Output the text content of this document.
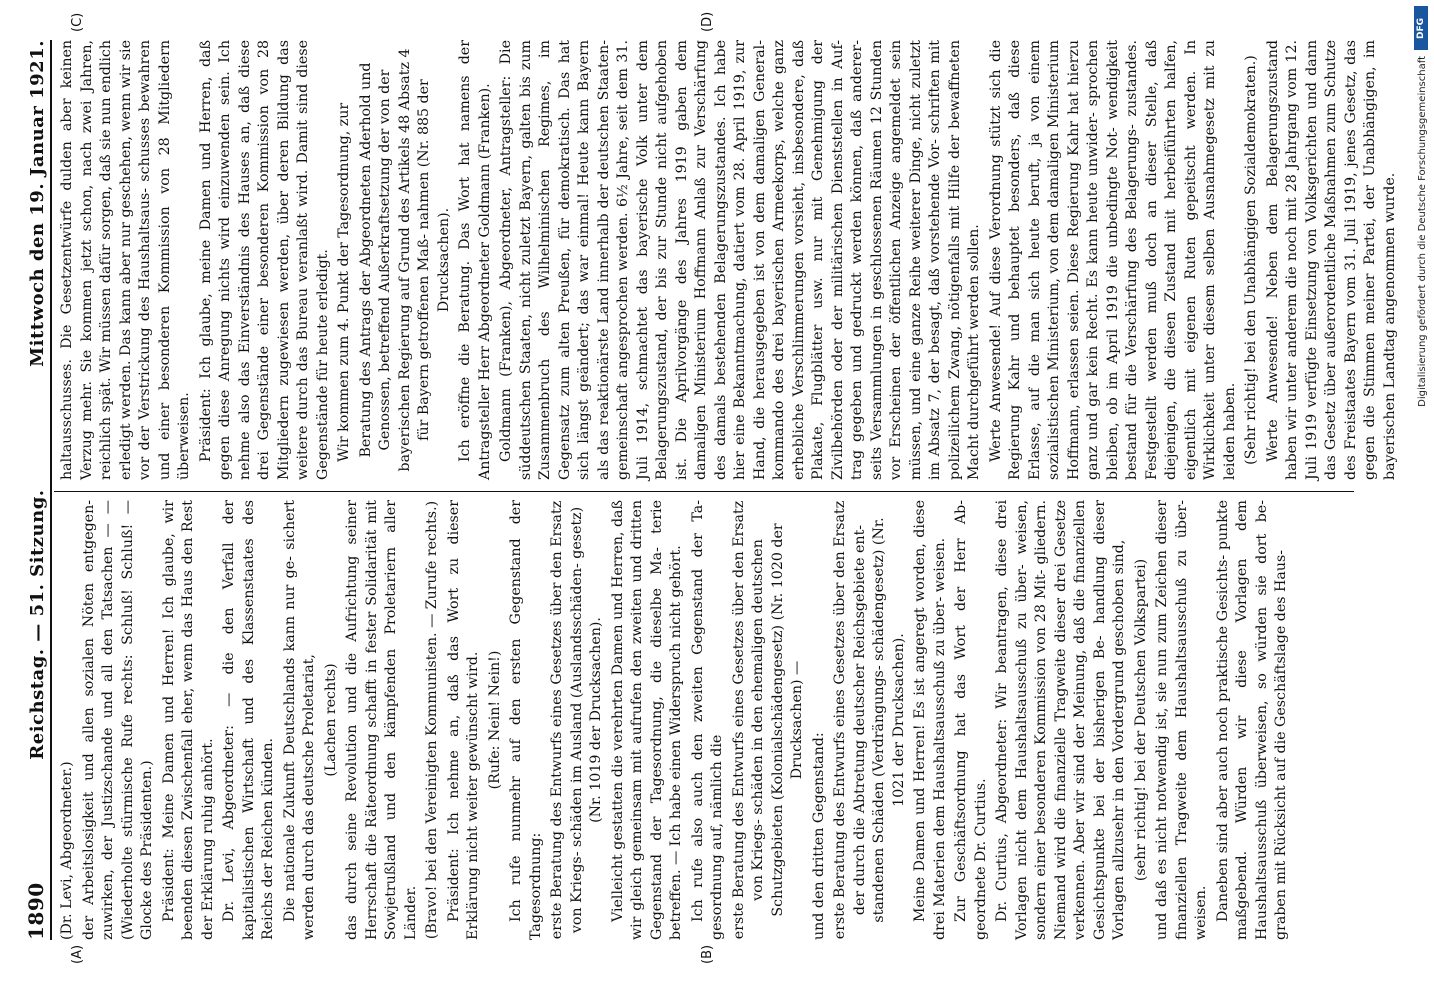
1890
Reichstag. — 51. Sitzung.
Mittwoch den 19. Januar 1921.
(A)	(B)
(C)	(D)

(Dr. Levi, Abgeordneter.) der Arbeitslosigkeit und allen sozialen Nöten entgegen- zuwirken, der Justizschande und all den Tatsachen — — (Wiederholte stürmische Rufe rechts: Schluß! Schluß! — Glocke des Präsidenten.) Präsident: Meine Damen und Herren! Ich glaube, wir beenden diesen Zwischenfall eher, wenn das Haus den Rest der Erklärung ruhig anhört. Dr. Levi, Abgeordneter: — die den Verfall der kapitalistischen Wirtschaft und des Klassenstaates des Reichs der Reichen künden. Die nationale Zukunft Deutschlands kann nur ge- sichert werden durch das deutsche Proletariat, (Lachen rechts) das durch seine Revolution und die Aufrichtung seiner Herrschaft die Räteordnung schafft in fester Solidarität mit Sowjetrußland und den kämpfenden Proletariern aller Länder. (Bravo! bei den Vereinigten Kommunisten. — Zurufe rechts.) Präsident: Ich nehme an, daß das Wort zu dieser Erklärung nicht weiter gewünscht wird. (Rufe: Nein! Nein!) Ich rufe nunmehr auf den ersten Gegenstand der Tagesordnung: erste Beratung des Entwurfs eines Gesetzes über den Ersatz von Kriegs- schäden im Ausland (Auslandsschäden- gesetz) (Nr. 1019 der Drucksachen). Vielleicht gestatten die verehrten Damen und Herren, daß wir gleich gemeinsam mit aufrufen den zweiten und dritten Gegenstand der Tagesordnung, die dieselbe Ma- terie betreffen. — Ich habe einen Widerspruch nicht gehört. Ich rufe also auch den zweiten Gegenstand der Ta- gesordnung auf, nämlich die erste Beratung des Entwurfs eines Gesetzes über den Ersatz von Kriegs- schäden in den ehemaligen deutschen Schutzgebieten (Kolonialschädengesetz) (Nr. 1020 der Drucksachen) —

und den dritten Gegenstand: erste Beratung des Entwurfs eines Gesetzes über den Ersatz der durch die Abtretung deutscher Reichsgebiete ent- standenen Schäden (Verdrängungs- schädengesetz) (Nr. 1021 der Drucksachen). Meine Damen und Herren! Es ist angeregt worden, diese drei Materien dem Haushaltsausschuß zu über- weisen. Zur Geschäftsordnung hat das Wort der Herr Ab- geordnete Dr. Curtius. Dr. Curtius, Abgeordneter: Wir beantragen, diese drei Vorlagen nicht dem Haushaltsausschuß zu über- weisen, sondern einer besonderen Kommission von 28 Mit- gliedern. Niemand wird die finanzielle Tragweite dieser drei Gesetze verkennen. Aber wir sind der Meinung, daß die finanziellen Gesichtspunkte bei der bisherigen Be- handlung dieser Vorlagen allzusehr in den Vordergrund geschoben sind, (sehr richtig! bei der Deutschen Volkspartei) und daß es nicht notwendig ist, sie nun zum Zeichen dieser finanziellen Tragweite dem Haushaltsausschuß zu über- weisen. Daneben sind aber auch noch praktische Gesichts- punkte maßgebend. Würden wir diese Vorlagen dem Haushaltsausschuß überweisen, so würden sie dort be- graben mit Rücksicht auf die Geschäftslage des Haus-

haltausschusses. Die Gesetzentwürfe dulden aber keinen Verzug mehr. Sie kommen jetzt schon, nach zwei Jahren, reichlich spät. Wir müssen dafür sorgen, daß sie nun endlich erledigt werden. Das kann aber nur geschehen, wenn wir sie vor der Verstrickung des Haushaltsaus- schusses bewahren und einer besonderen Kommission von 28 Mitgliedern überweisen. Präsident: Ich glaube, meine Damen und Herren, daß gegen diese Anregung nichts wird einzuwenden sein. Ich nehme also das Einverständnis des Hauses an, daß diese drei Gegenstände einer besonderen Kommission von 28 Mitgliedern zugewiesen werden, über deren Bildung das weitere durch das Bureau veranlaßt wird. Damit sind diese Gegenstände für heute erledigt. Wir kommen zum 4. Punkt der Tagesordnung, zur Beratung des Antrags der Abgeordneten Aderhold und Genossen, betreffend Außerkraftsetzung der von der bayerischen Regierung auf Grund des Artikels 48 Absatz 4 für Bayern getroffenen Maß- nahmen (Nr. 885 der Drucksachen). Ich eröffne die Beratung. Das Wort hat namens der Antragsteller Herr Abgeordneter Goldmann (Franken). Goldmann (Franken), Abgeordneter, Antragsteller: Die süddeutschen Staaten, nicht zuletzt Bayern, galten bis zum Zusammenbruch des Wilhelminischen Regimes, im Gegensatz zum alten Preußen, für demokratisch. Das hat sich längst geändert; das war einmal! Heute kann Bayern als das reaktionärste Land innerhalb der deutschen Staaten- gemeinschaft angesprochen werden. 6½ Jahre, seit dem 31. Juli 1914, schmachtet das bayerische Volk unter dem Belagerungszustand, der bis zur Stunde nicht aufgehoben ist. Die Aprilvorgänge des Jahres 1919 gaben dem damaligen Ministerium Hoffmann Anlaß zur Verschärfung des damals bestehenden Belagerungszustandes. Ich habe hier eine Bekanntmachung, datiert vom 28. April 1919, zur Hand, die herausgegeben ist von dem damaligen General- kommando des drei bayerischen Armeekorps, welche ganz erhebliche Verschlimmerungen vorsieht, insbesondere, daß Plakate, Flugblätter usw. nur mit Genehmigung der Zivilbehörden oder der militärischen Dienststellen in Auf- trag gegeben und gedruckt werden können, daß anderer- seits Versammlungen in geschlossenen Räumen 12 Stunden vor Erscheinen der öffentlichen Anzeige angemeldet sein müssen, und eine ganze Reihe weiterer Dinge, nicht zuletzt im Absatz 7, der besagt, daß vorstehende Vor- schriften mit polizeilichem Zwang, nötigenfalls mit Hilfe der bewaffneten Macht durchgeführt werden sollen. Werte Anwesende! Auf diese Verordnung stützt sich die Regierung Kahr und behauptet besonders, daß diese Erlasse, auf die man sich heute beruft, ja von einem sozialistischen Ministerium, von dem damaligen Ministerium Hoffmann, erlassen seien. Diese Regierung Kahr hat hierzu ganz und gar kein Recht. Es kann heute unwider- sprochen bleiben, ob im April 1919 die unbedingte Not- wendigkeit bestand für die Verschärfung des Belagerungs- zustandes. Festgestellt werden muß doch an dieser Stelle, daß diejenigen, die diesen Zustand mit herbeiführten halfen, eigentlich mit eigenen Ruten gepeitscht werden. In Wirklichkeit unter diesem selben Ausnahmegesetz mit zu leiden haben. (Sehr richtig! bei den Unabhängigen Sozialdemokraten.) Werte Anwesende! Neben dem Belagerungszustand haben wir unter anderem die noch mit 28 Jahrgang vom 12. Juli 1919 verfügte Einsetzung von Volksgerichten und dann das Gesetz über außerordentliche Maßnahmen zum Schutze des Freistaates Bayern vom 31. Juli 1919, jenes Gesetz, das gegen die Stimmen meiner Partei, der Unabhängigen, im bayerischen Landtag angenommen wurde.

DFG
Digitalisierung gefördert durch die Deutsche Forschungsgemeinschaft
